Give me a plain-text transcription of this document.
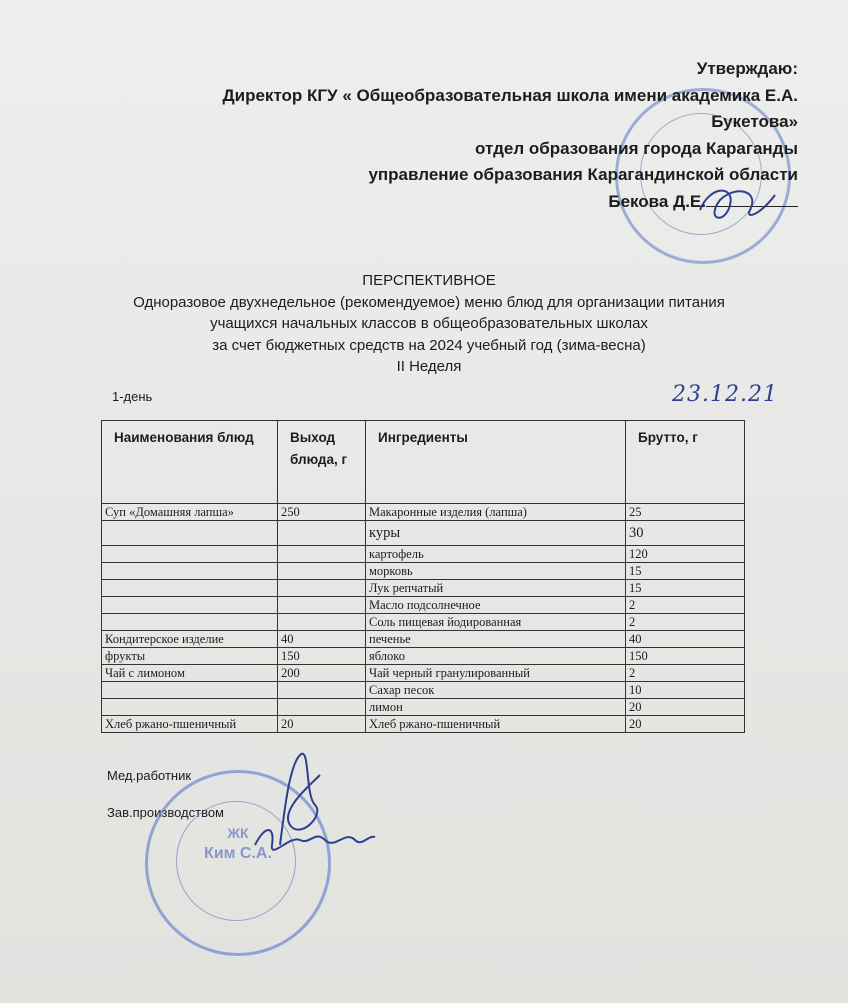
Утверждаю:
Директор КГУ « Общеобразовательная школа имени академика Е.А.
Букетова»
отдел образования города Караганды
управление образования Карагандинской области
Бекова Д.Е.
ПЕРСПЕКТИВНОЕ
Одноразовое двухнедельное (рекомендуемое) меню блюд для организации питания
учащихся начальных классов в общеобразовательных школах
за счет бюджетных средств на 2024 учебный год (зима-весна)
II Неделя
1-день	23.12.21
Наименования блюд	Выход блюда, г	Ингредиенты	Брутто, г
Суп «Домашняя лапша»	250	Макаронные изделия (лапша)	25
		куры	30
		картофель	120
		морковь	15
		Лук репчатый	15
		Масло подсолнечное	2
		Соль пищевая йодированная	2
Кондитерское изделие	40	печенье	40
фрукты	150	яблоко	150
Чай с лимоном	200	Чай черный гранулированный	2
		Сахар песок	10
		лимон	20
Хлеб ржано-пшеничный	20	Хлеб ржано-пшеничный	20
Мед.работник
Зав.производством
ЖК
Ким С.А.
